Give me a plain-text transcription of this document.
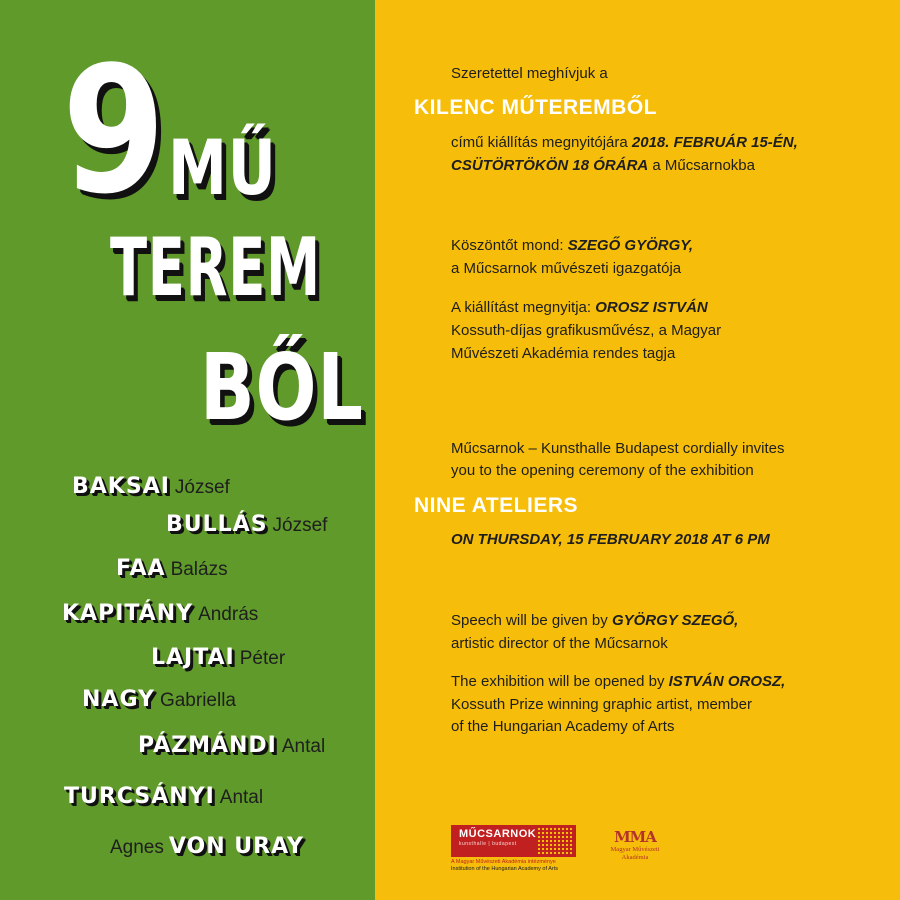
9 MŰ
TEREM
BŐL
BAKSAI József
BULLÁS József
FAA Balázs
KAPITÁNY András
LAJTAI Péter
NAGY Gabriella
PÁZMÁNDI Antal
TURCSÁNYI Antal
Agnes VON URAY
Szeretettel meghívjuk a
KILENC MŰTEREMBŐL
című kiállítás megnyitójára 2018. FEBRUÁR 15-ÉN,
CSÜTÖRTÖKÖN 18 ÓRÁRA a Műcsarnokba
Köszöntőt mond: SZEGŐ GYÖRGY,
a Műcsarnok művészeti igazgatója
A kiállítást megnyitja: OROSZ ISTVÁN
Kossuth-díjas grafikusművész, a Magyar
Művészeti Akadémia rendes tagja
Műcsarnok – Kunsthalle Budapest cordially invites
you to the opening ceremony of the exhibition
NINE ATELIERS
ON THURSDAY, 15 FEBRUARY 2018 AT 6 PM
Speech will be given by GYÖRGY SZEGŐ,
artistic director of the Műcsarnok
The exhibition will be opened by ISTVÁN OROSZ,
Kossuth Prize winning graphic artist, member
of the Hungarian Academy of Arts
MŰCSARNOK
kunsthalle | budapest
A Magyar Művészeti Akadémia intézménye
Institution of the Hungarian Academy of Arts
MMA
Magyar Művészeti
Akadémia
